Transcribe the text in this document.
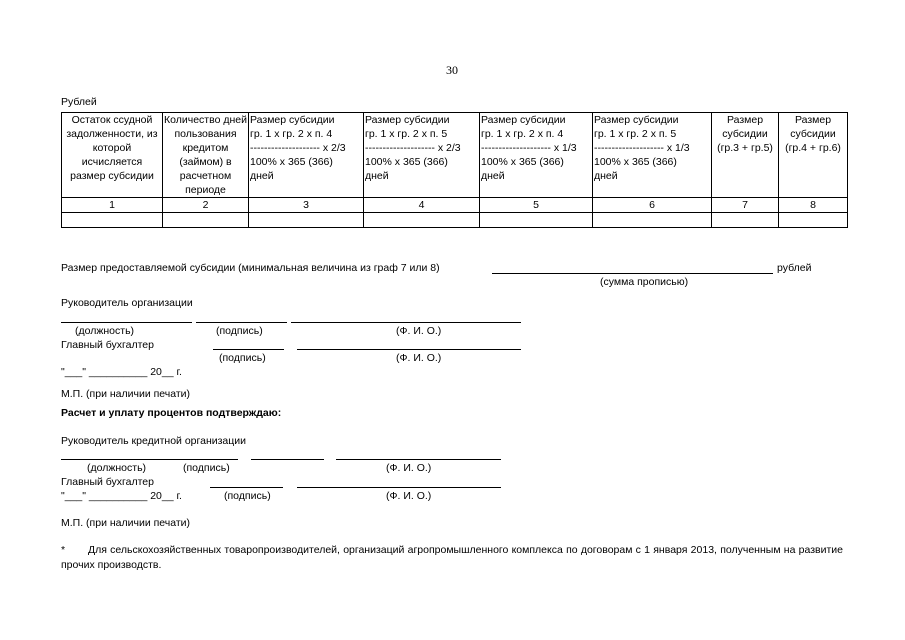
30
Рублей
Остаток ссудной задолженности, из которой исчисляется размер субсидии	Количество дней пользования кредитом (займом) в расчетном периоде	Размер субсидии
гр. 1 x гр. 2 x п. 4
-------------------- x 2/3
100% x 365 (366)
дней	Размер субсидии
гр. 1 x гр. 2 x п. 5
-------------------- x 2/3
100% x 365 (366)
дней	Размер субсидии
гр. 1 x гр. 2 x п. 4
-------------------- x 1/3
100% x 365 (366)
дней	Размер субсидии
гр. 1 x гр. 2 x п. 5
-------------------- x 1/3
100% x 365 (366)
дней	Размер субсидии (гр.3 + гр.5)	Размер субсидии (гр.4 + гр.6)
1	2	3	4	5	6	7	8

Размер предоставляемой субсидии (минимальная величина из граф 7 или 8)	рублей
(сумма прописью)
Руководитель организации
(должность)	(подпись)	(Ф. И. О.)
Главный бухгалтер
(подпись)	(Ф. И. О.)
"___" __________ 20__ г.
М.П. (при наличии печати)
Расчет и уплату процентов подтверждаю:
Руководитель кредитной организации
(должность)	(подпись)	(Ф. И. О.)
Главный бухгалтер
"___" __________ 20__ г.	(подпись)	(Ф. И. О.)
М.П. (при наличии печати)
* Для сельскохозяйственных товаропроизводителей, организаций агропромышленного комплекса по договорам с 1 января 2013, полученным на развитие прочих производств.
